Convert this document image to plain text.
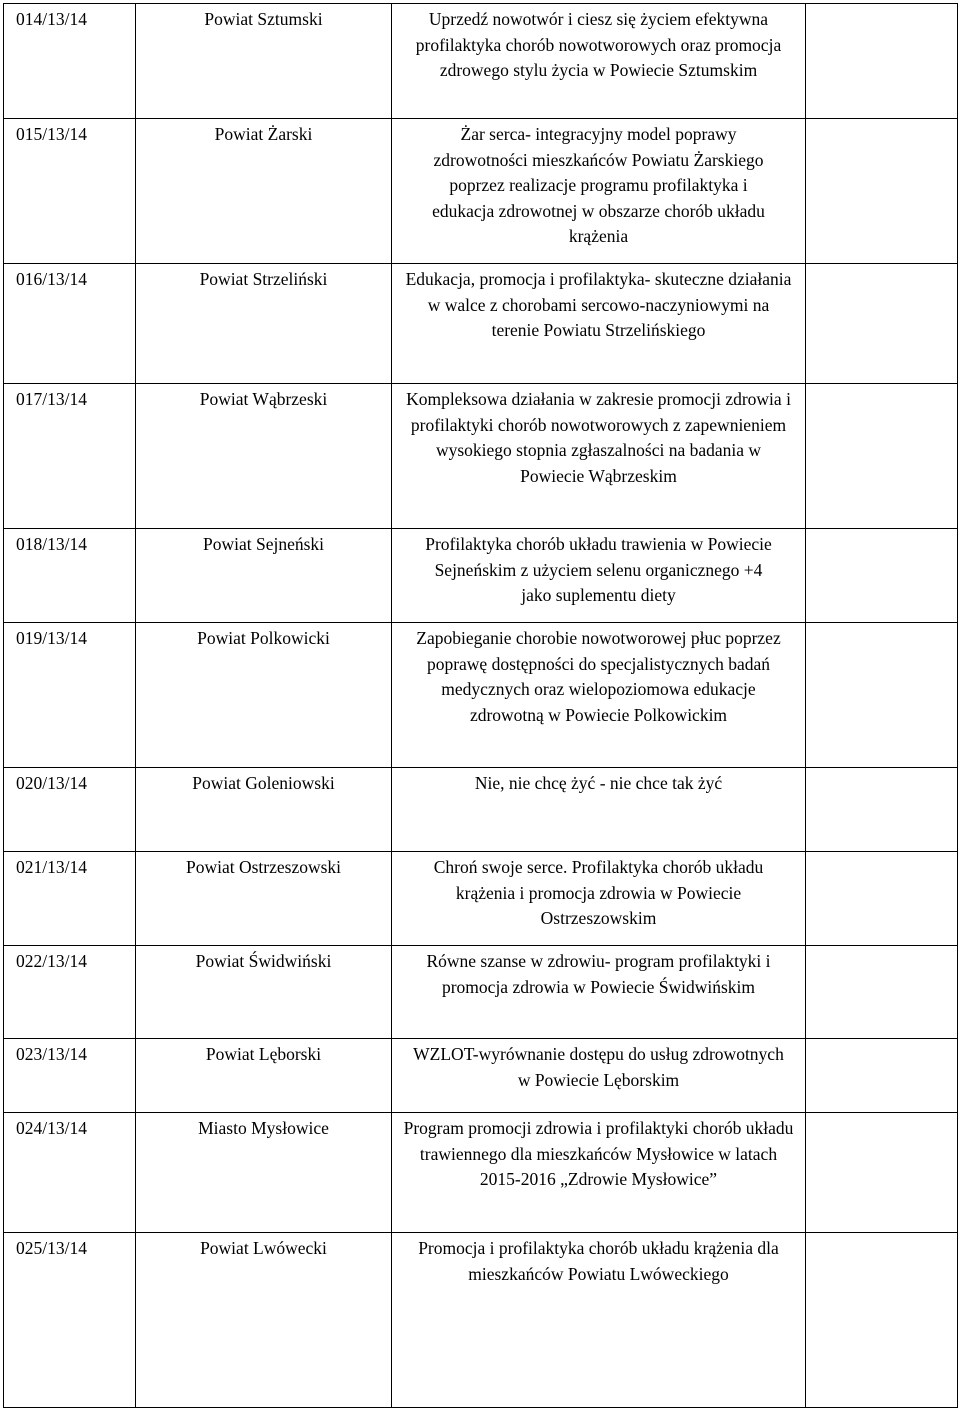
014/13/14	Powiat Sztumski	Uprzedź nowotwór i ciesz się życiem efektywna profilaktyka chorób nowotworowych oraz promocja zdrowego stylu życia w Powiecie Sztumskim	

015/13/14	Powiat Żarski	Żar serca- integracyjny model poprawy zdrowotności mieszkańców Powiatu Żarskiego poprzez realizacje programu profilaktyka i edukacja zdrowotnej w obszarze chorób układu krążenia	

016/13/14	Powiat Strzeliński	Edukacja, promocja i profilaktyka- skuteczne działania w walce z chorobami sercowo-naczyniowymi na terenie Powiatu Strzelińskiego	

017/13/14	Powiat Wąbrzeski	Kompleksowa działania w zakresie promocji zdrowia i profilaktyki chorób nowotworowych z zapewnieniem wysokiego stopnia zgłaszalności na badania w Powiecie Wąbrzeskim	

018/13/14	Powiat Sejneński	Profilaktyka chorób układu trawienia w Powiecie Sejneńskim z użyciem selenu organicznego +4 jako suplementu diety	

019/13/14	Powiat Polkowicki	Zapobieganie chorobie nowotworowej płuc poprzez poprawę dostępności do specjalistycznych badań medycznych oraz wielopoziomowa edukacje zdrowotną w Powiecie Polkowickim	

020/13/14	Powiat Goleniowski	Nie, nie chcę żyć - nie chce tak żyć	

021/13/14	Powiat Ostrzeszowski	Chroń swoje serce. Profilaktyka chorób układu krążenia i promocja zdrowia w Powiecie Ostrzeszowskim	

022/13/14	Powiat Świdwiński	Równe szanse w zdrowiu- program profilaktyki i promocja zdrowia w Powiecie Świdwińskim	

023/13/14	Powiat Lęborski	WZLOT-wyrównanie dostępu do usług zdrowotnych w Powiecie Lęborskim	

024/13/14	Miasto Mysłowice	Program promocji zdrowia i profilaktyki chorób układu trawiennego dla mieszkańców Mysłowice w latach 2015-2016 „Zdrowie Mysłowice”	

025/13/14	Powiat Lwówecki	Promocja i profilaktyka chorób układu krążenia dla mieszkańców Powiatu Lwóweckiego	
